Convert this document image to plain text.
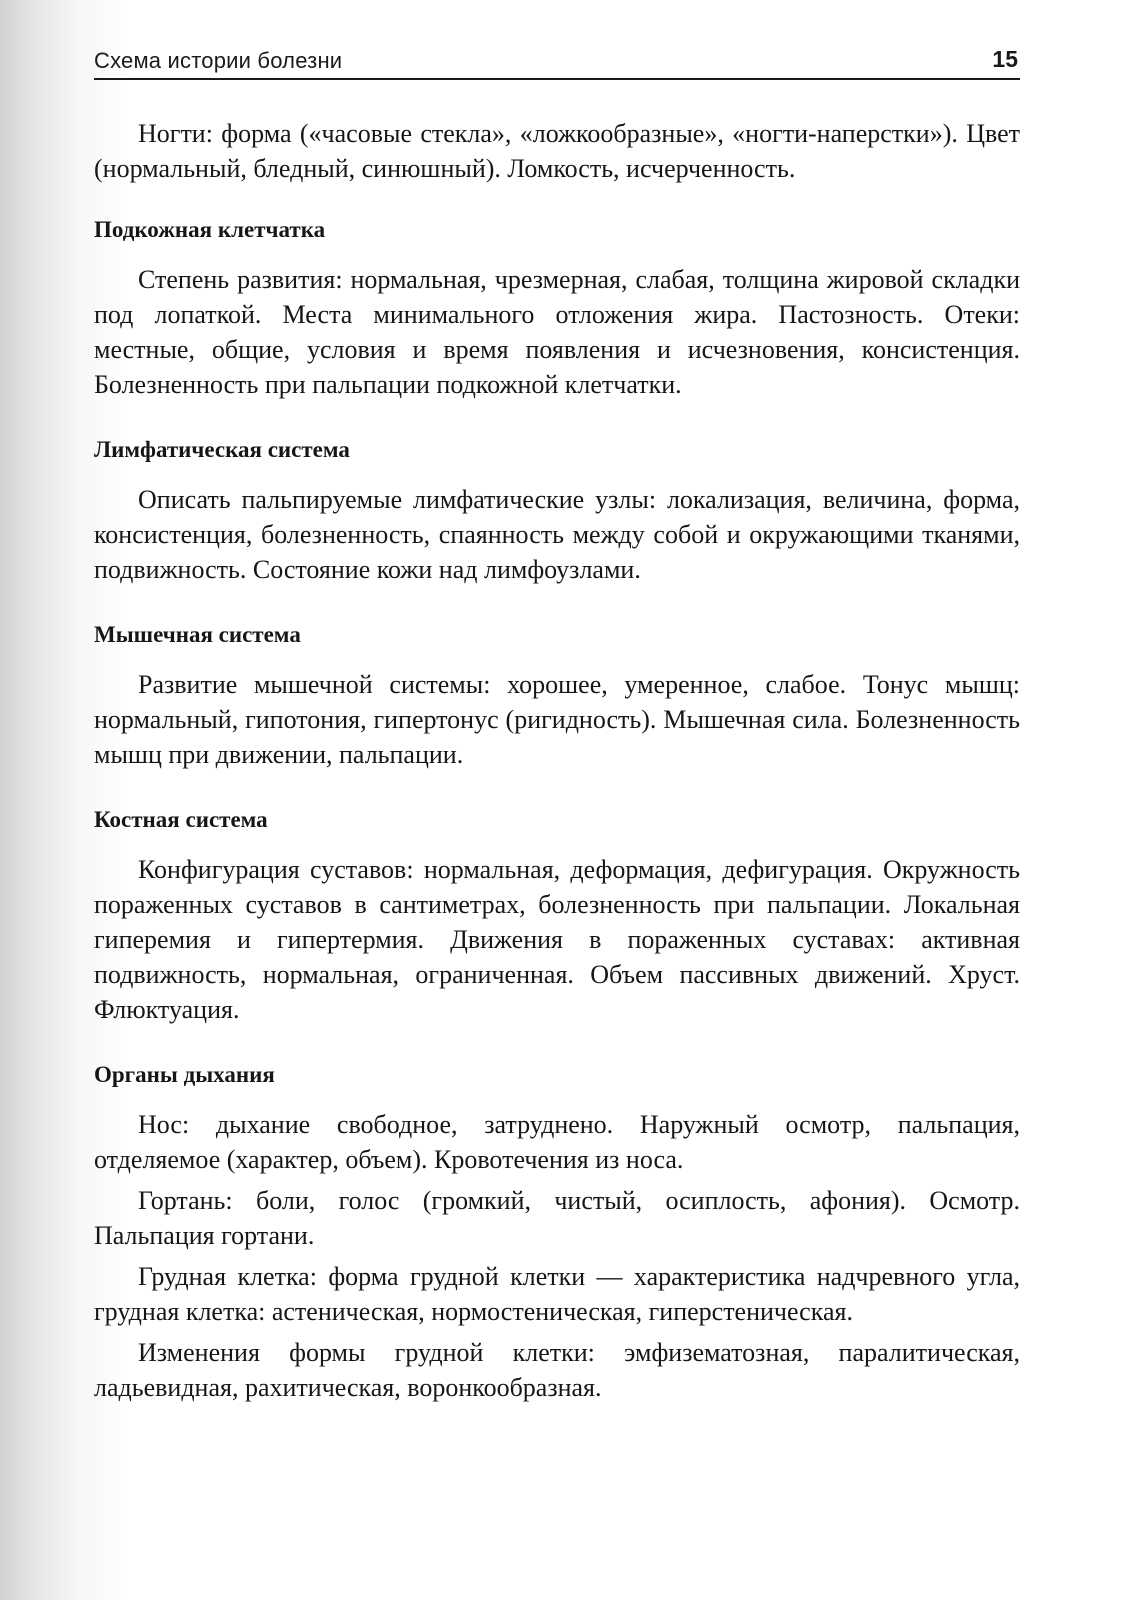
Схема истории болезни	15

Ногти: форма («часовые стекла», «ложкообразные», «ногти-наперстки»). Цвет (нормальный, бледный, синюшный). Ломкость, исчерченность.

Подкожная клетчатка

Степень развития: нормальная, чрезмерная, слабая, толщина жировой складки под лопаткой. Места минимального отложения жира. Пастозность. Отеки: местные, общие, условия и время появления и исчезновения, консистенция. Болезненность при пальпации подкожной клетчатки.

Лимфатическая система

Описать пальпируемые лимфатические узлы: локализация, величина, форма, консистенция, болезненность, спаянность между собой и окружающими тканями, подвижность. Состояние кожи над лимфоузлами.

Мышечная система

Развитие мышечной системы: хорошее, умеренное, слабое. Тонус мышц: нормальный, гипотония, гипертонус (ригидность). Мышечная сила. Болезненность мышц при движении, пальпации.

Костная система

Конфигурация суставов: нормальная, деформация, дефигурация. Окружность пораженных суставов в сантиметрах, болезненность при пальпации. Локальная гиперемия и гипертермия. Движения в пораженных суставах: активная подвижность, нормальная, ограниченная. Объем пассивных движений. Хруст. Флюктуация.

Органы дыхания

Нос: дыхание свободное, затруднено. Наружный осмотр, пальпация, отделяемое (характер, объем). Кровотечения из носа.

Гортань: боли, голос (громкий, чистый, осиплость, афония). Осмотр. Пальпация гортани.

Грудная клетка: форма грудной клетки — характеристика надчревного угла, грудная клетка: астеническая, нормостеническая, гиперстеническая.

Изменения формы грудной клетки: эмфизематозная, паралитическая, ладьевидная, рахитическая, воронкообразная.
